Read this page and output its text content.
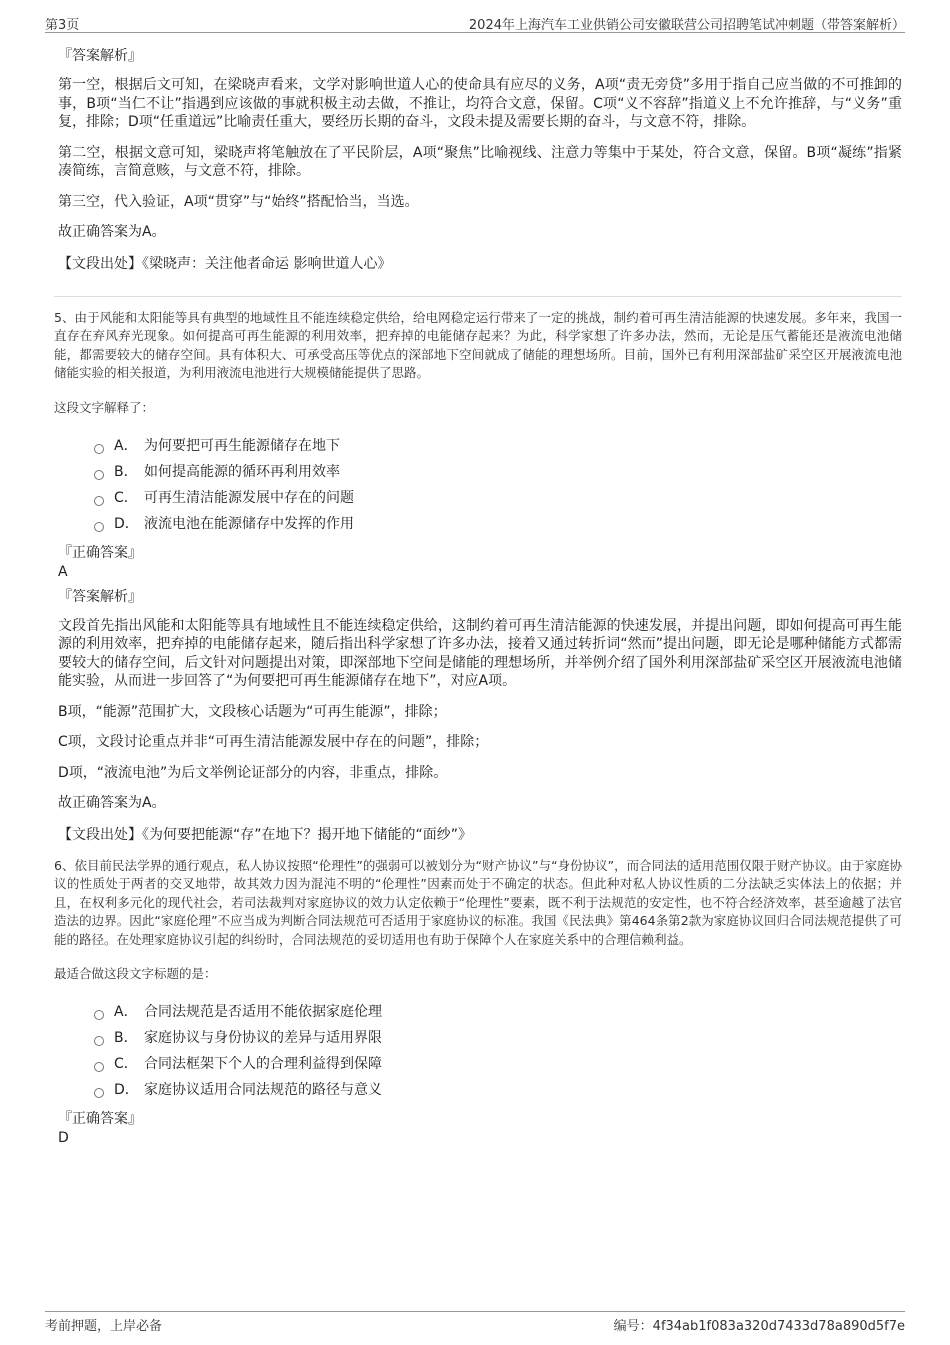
第3页	2024年上海汽车工业供销公司安徽联营公司招聘笔试冲刺题（带答案解析）
『答案解析』

第一空，根据后文可知，在梁晓声看来，文学对影响世道人心的使命具有应尽的义务，A项“责无旁贷”多用于指自己应当做的不可推卸的事，B项“当仁不让”指遇到应该做的事就积极主动去做，不推让，均符合文意，保留。C项“义不容辞”指道义上不允许推辞，与“义务”重复，排除；D项“任重道远”比喻责任重大，要经历长期的奋斗，文段未提及需要长期的奋斗，与文意不符，排除。

第二空，根据文意可知，梁晓声将笔触放在了平民阶层，A项“聚焦”比喻视线、注意力等集中于某处，符合文意，保留。B项“凝练”指紧凑简练，言简意赅，与文意不符，排除。

第三空，代入验证，A项“贯穿”与“始终”搭配恰当，当选。

故正确答案为A。

【文段出处】《梁晓声：关注他者命运 影响世道人心》

5、由于风能和太阳能等具有典型的地域性且不能连续稳定供给，给电网稳定运行带来了一定的挑战，制约着可再生清洁能源的快速发展。多年来，我国一直存在弃风弃光现象。如何提高可再生能源的利用效率，把弃掉的电能储存起来？为此，科学家想了许多办法，然而，无论是压气蓄能还是液流电池储能，都需要较大的储存空间。具有体积大、可承受高压等优点的深部地下空间就成了储能的理想场所。目前，国外已有利用深部盐矿采空区开展液流电池储能实验的相关报道，为利用液流电池进行大规模储能提供了思路。

这段文字解释了：

A． 为何要把可再生能源储存在地下
B． 如何提高能源的循环再利用效率
C． 可再生清洁能源发展中存在的问题
D． 液流电池在能源储存中发挥的作用
『正确答案』
A
『答案解析』

文段首先指出风能和太阳能等具有地域性且不能连续稳定供给，这制约着可再生清洁能源的快速发展，并提出问题，即如何提高可再生能源的利用效率，把弃掉的电能储存起来，随后指出科学家想了许多办法，接着又通过转折词“然而”提出问题，即无论是哪种储能方式都需要较大的储存空间，后文针对问题提出对策，即深部地下空间是储能的理想场所，并举例介绍了国外利用深部盐矿采空区开展液流电池储能实验，从而进一步回答了“为何要把可再生能源储存在地下”，对应A项。

B项，“能源”范围扩大，文段核心话题为“可再生能源”，排除；

C项，文段讨论重点并非“可再生清洁能源发展中存在的问题”，排除；

D项，“液流电池”为后文举例论证部分的内容，非重点，排除。

故正确答案为A。

【文段出处】《为何要把能源“存”在地下？揭开地下储能的“面纱”》

6、依目前民法学界的通行观点，私人协议按照“伦理性”的强弱可以被划分为“财产协议”与“身份协议”，而合同法的适用范围仅限于财产协议。由于家庭协议的性质处于两者的交叉地带，故其效力因为混沌不明的“伦理性”因素而处于不确定的状态。但此种对私人协议性质的二分法缺乏实体法上的依据；并且，在权利多元化的现代社会，若司法裁判对家庭协议的效力认定依赖于“伦理性”要素，既不利于法规范的安定性，也不符合经济效率，甚至逾越了法官造法的边界。因此“家庭伦理”不应当成为判断合同法规范可否适用于家庭协议的标准。我国《民法典》第464条第2款为家庭协议回归合同法规范提供了可能的路径。在处理家庭协议引起的纠纷时，合同法规范的妥切适用也有助于保障个人在家庭关系中的合理信赖利益。

最适合做这段文字标题的是：

A． 合同法规范是否适用不能依据家庭伦理
B． 家庭协议与身份协议的差异与适用界限
C． 合同法框架下个人的合理利益得到保障
D． 家庭协议适用合同法规范的路径与意义
『正确答案』
D
考前押题，上岸必备	编号：4f34ab1f083a320d7433d78a890d5f7e
